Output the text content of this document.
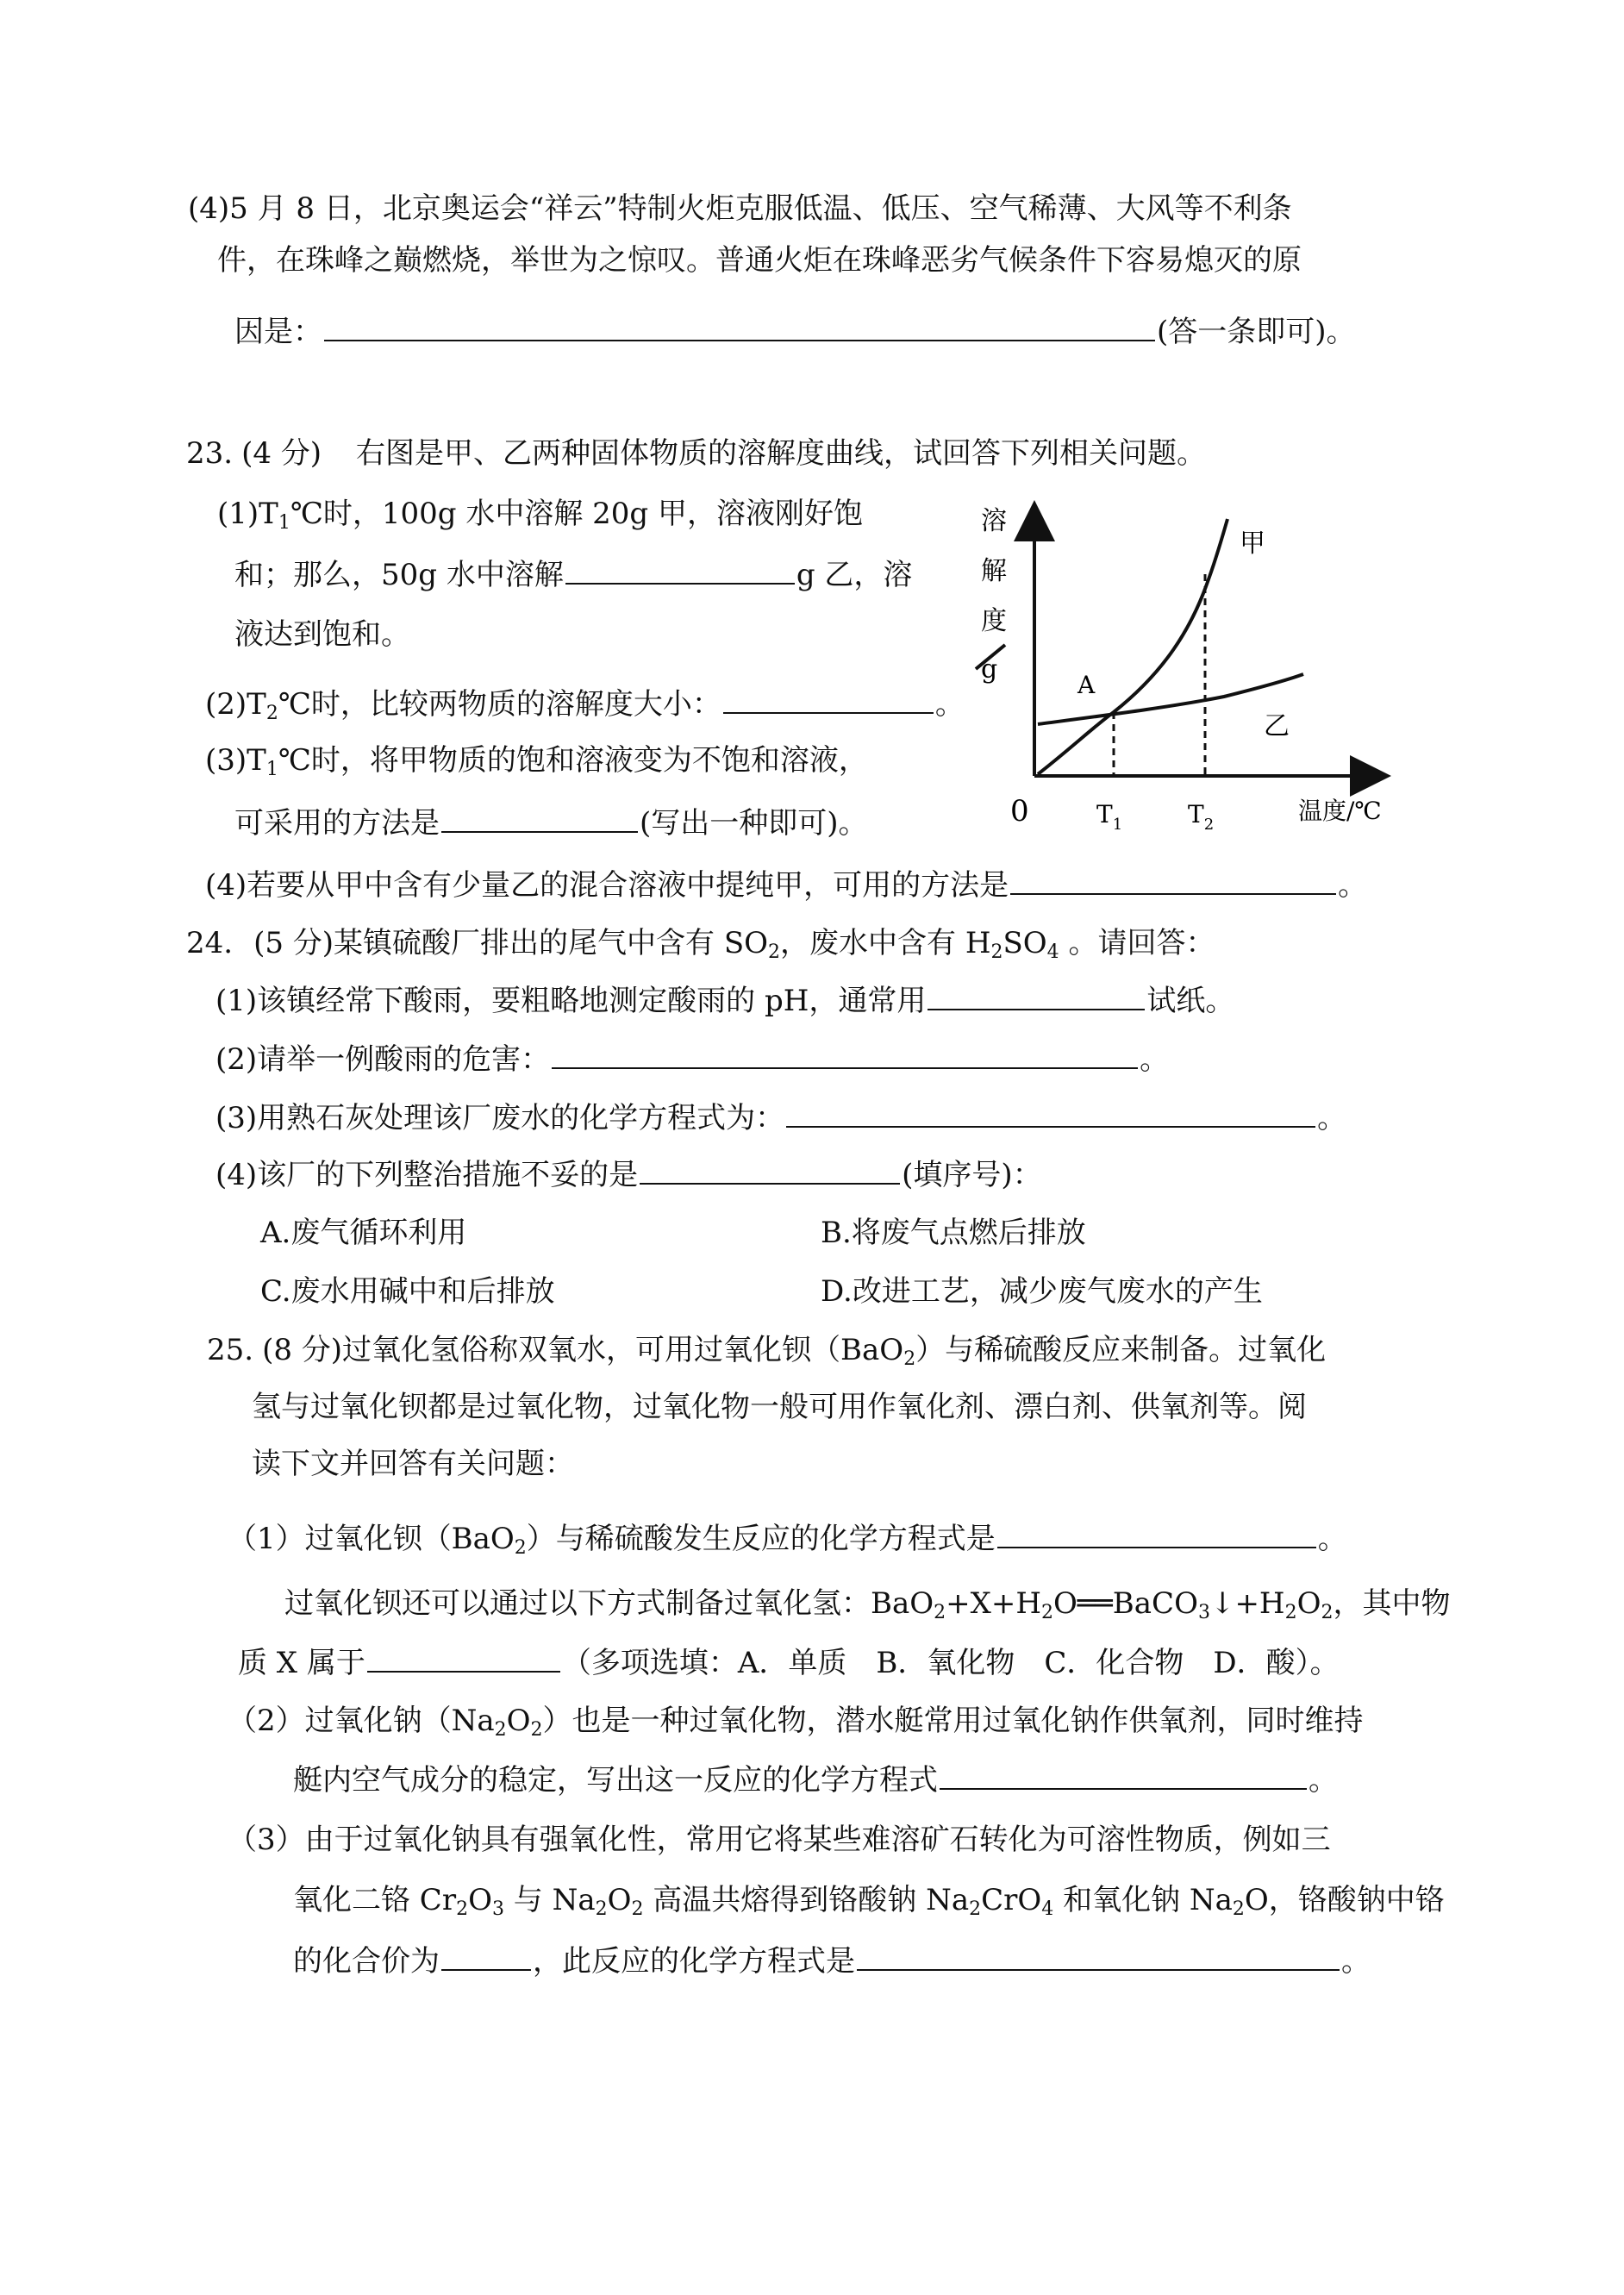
(4)5 月 8 日，北京奥运会“祥云”特制火炬克服低温、低压、空气稀薄、大风等不利条
件，在珠峰之巅燃烧，举世为之惊叹。普通火炬在珠峰恶劣气候条件下容易熄灭的原
因是：	(答一条即可)。
23. (4 分) 右图是甲、乙两种固体物质的溶解度曲线，试回答下列相关问题。
$(1)T_1℃$时，100g 水中溶解 20g 甲，溶液刚好饱
和；那么，50g 水中溶解	g 乙，溶
液达到饱和。
$(2)T_2℃$时，比较两物质的溶解度大小：	。
$(3)T_1℃$时，将甲物质的饱和溶液变为不饱和溶液，
可采用的方法是	(写出一种即可)。
(4)若要从甲中含有少量乙的混合溶液中提纯甲，可用的方法是	。
溶
解
度
g
0	$T_1$	$T_2$	温度/℃
甲
乙
A
24. (5 分)某镇硫酸厂排出的尾气中含有 $SO_2$，废水中含有 $H_2SO_4$ 。请回答：
(1)该镇经常下酸雨，要粗略地测定酸雨的 pH，通常用	试纸。
(2)请举一例酸雨的危害：	。
(3)用熟石灰处理该厂废水的化学方程式为：	。
(4)该厂的下列整治措施不妥的是	(填序号)：
A.废气循环利用	B.将废气点燃后排放
C.废水用碱中和后排放	D.改进工艺，减少废气废水的产生
25. (8 分)过氧化氢俗称双氧水，可用过氧化钡（BaO$_2$）与稀硫酸反应来制备。过氧化
氢与过氧化钡都是过氧化物，过氧化物一般可用作氧化剂、漂白剂、供氧剂等。阅
读下文并回答有关问题：
（1）过氧化钡（BaO$_2$）与稀硫酸发生反应的化学方程式是	。
过氧化钡还可以通过以下方式制备过氧化氢：$BaO_2+X+H_2O══BaCO_3↓+H_2O_2$，其中物
质 X 属于	（多项选填：A．单质　B．氧化物　C．化合物　D．酸）。
（2）过氧化钠$(Na_2O_2)$也是一种过氧化物，潜水艇常用过氧化钠作供氧剂，同时维持
艇内空气成分的稳定，写出这一反应的化学方程式	。
（3）由于过氧化钠具有强氧化性，常用它将某些难溶矿石转化为可溶性物质，例如三
氧化二铬 $Cr_2O_3$ 与 $Na_2O_2$ 高温共熔得到铬酸钠 $Na_2CrO_4$ 和氧化钠 $Na_2O$，铬酸钠中铬
的化合价为	，此反应的化学方程式是	。
